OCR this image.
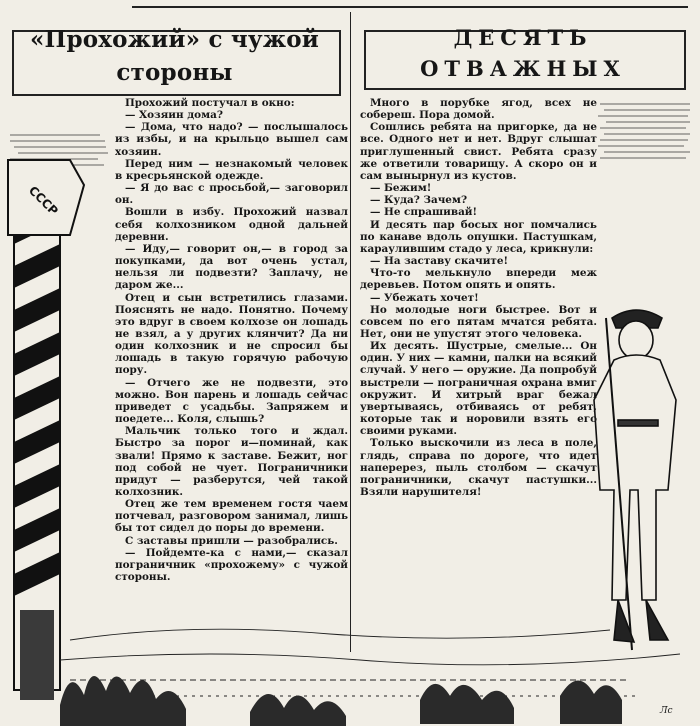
СССР
«Прохожий» с чужой
стороны
ДЕСЯТЬ
ОТВАЖНЫХ

Прохожий постучал в окно:

— Хозяин дома?

— Дома, что надо? — послышалось из избы, и на крыльцо вышел сам хозяин.

Перед ним — незнакомый человек в кресрьянской одежде.

— Я до вас с просьбой,— заговорил он.

Вошли в избу. Прохожий назвал себя колхозником одной дальней деревни.

— Иду,— говорит он,— в город за покупками, да вот очень устал, нельзя ли подвезти? Заплачу, не даром же...

Отец и сын встретились глазами. Пояснять не надо. Понятно. Почему это вдруг в своем колхозе он лошадь не взял, а у других клянчит? Да ни один колхозник и не спросил бы лошадь в такую горячую рабочую пору.

— Отчего же не подвезти, это можно. Вон парень и лошадь сейчас приведет с усадьбы. Запряжем и поедете... Коля, слышь?

Мальчик только того и ждал. Быстро за порог и—поминай, как звали! Прямо к заставе. Бежит, ног под собой не чует. Пограничники придут — разберутся, чей такой колхозник.

Отец же тем временем гостя чаем потчевал, разговором занимал, лишь бы тот сидел до поры до времени.

С заставы пришли — разобрались.

— Пойдемте-ка с нами,— сказал пограничник «прохожему» с чужой стороны.

Много в порубке ягод, всех не собереш. Пора домой.

Сошлись ребята на пригорке, да не все. Одного нет и нет. Вдруг слышат приглушенный свист. Ребята сразу же ответили товарищу. А скоро он и сам вынырнул из кустов.

— Бежим!

— Куда? Зачем?

— Не спрашивай!

И десять пар босых ног помчались по канаве вдоль опушки. Пастушкам, караулившим стадо у леса, крикнули:

— На заставу скачите!

Что-то мелькнуло впереди меж деревьев. Потом опять и опять.

— Убежать хочет!

Но молодые ноги быстрее. Вот и совсем по его пятам мчатся ребята. Нет, они не упустят этого человека.

Их десять. Шустрые, смелые... Он один. У них — камни, палки на всякий случай. У него — оружие. Да попробуй выстрели — пограничная охрана вмиг окружит. И хитрый враг бежал увертываясь, отбиваясь от ребят, которые так и норовили взять его своими руками.

Только выскочили из леса в поле, глядь, справа по дороге, что идет наперерез, пыль столбом — скачут пограничники, скачут пастушки... Взяли нарушителя!

Лс
